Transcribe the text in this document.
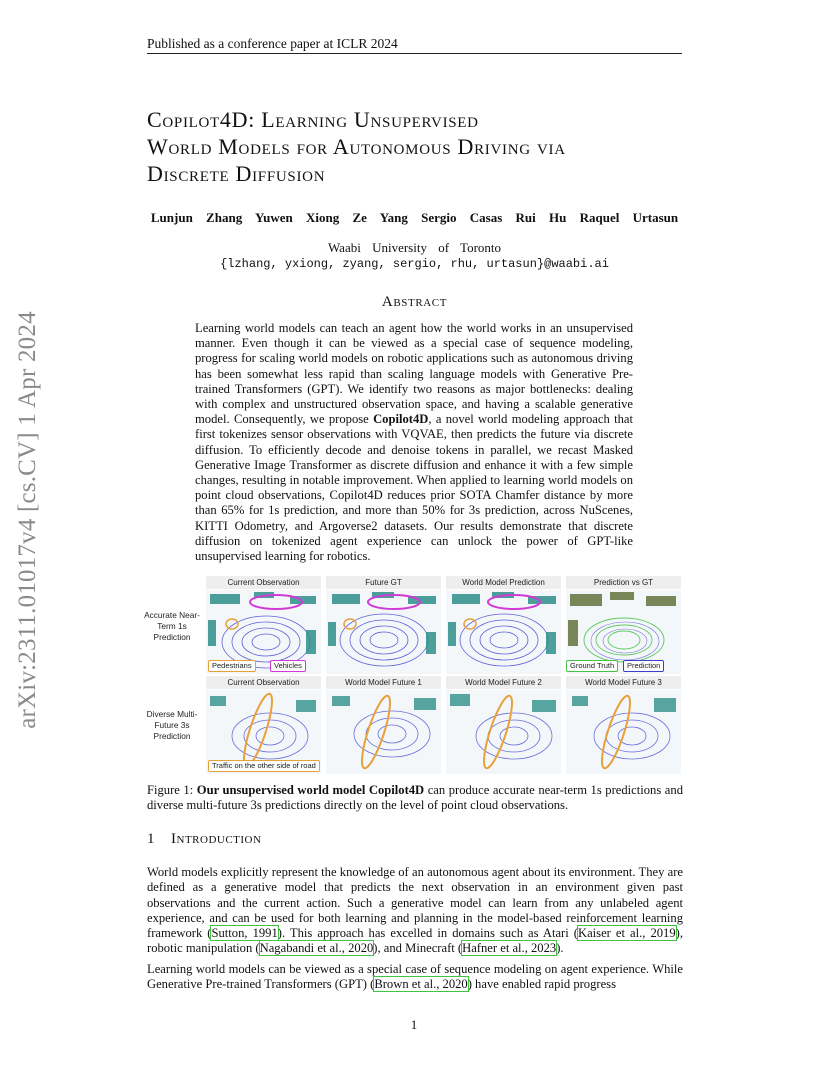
Published as a conference paper at ICLR 2024
arXiv:2311.01017v4 [cs.CV] 1 Apr 2024
Copilot4D: Learning Unsupervised
World Models for Autonomous Driving via
Discrete Diffusion
Lunjun Zhang Yuwen Xiong Ze Yang Sergio Casas Rui Hu Raquel Urtasun
Waabi University of Toronto
{lzhang, yxiong, zyang, sergio, rhu, urtasun}@waabi.ai
Abstract
Learning world models can teach an agent how the world works in an unsupervised manner. Even though it can be viewed as a special case of sequence modeling, progress for scaling world models on robotic applications such as autonomous driving has been somewhat less rapid than scaling language models with Generative Pre-trained Transformers (GPT). We identify two reasons as major bottlenecks: dealing with complex and unstructured observation space, and having a scalable generative model. Consequently, we propose Copilot4D, a novel world modeling approach that first tokenizes sensor observations with VQVAE, then predicts the future via discrete diffusion. To efficiently decode and denoise tokens in parallel, we recast Masked Generative Image Transformer as discrete diffusion and enhance it with a few simple changes, resulting in notable improvement. When applied to learning world models on point cloud observations, Copilot4D reduces prior SOTA Chamfer distance by more than 65% for 1s prediction, and more than 50% for 3s prediction, across NuScenes, KITTI Odometry, and Argoverse2 datasets. Our results demonstrate that discrete diffusion on tokenized agent experience can unlock the power of GPT-like unsupervised learning for robotics.
Accurate Near-Term 1s Prediction
Diverse Multi-Future 3s Prediction
Current Observation	Future GT	World Model Prediction	Prediction vs GT
Pedestrians	Vehicles	Ground Truth	Prediction
Current Observation	World Model Future 1	World Model Future 2	World Model Future 3
Traffic on the other side of road
Figure 1: Our unsupervised world model Copilot4D can produce accurate near-term 1s predictions and diverse multi-future 3s predictions directly on the level of point cloud observations.
1 Introduction
World models explicitly represent the knowledge of an autonomous agent about its environment. They are defined as a generative model that predicts the next observation in an environment given past observations and the current action. Such a generative model can learn from any unlabeled agent experience, and can be used for both learning and planning in the model-based reinforcement learning framework (Sutton, 1991). This approach has excelled in domains such as Atari (Kaiser et al., 2019), robotic manipulation (Nagabandi et al., 2020), and Minecraft (Hafner et al., 2023).
Learning world models can be viewed as a special case of sequence modeling on agent experience. While Generative Pre-trained Transformers (GPT) (Brown et al., 2020) have enabled rapid progress
1
